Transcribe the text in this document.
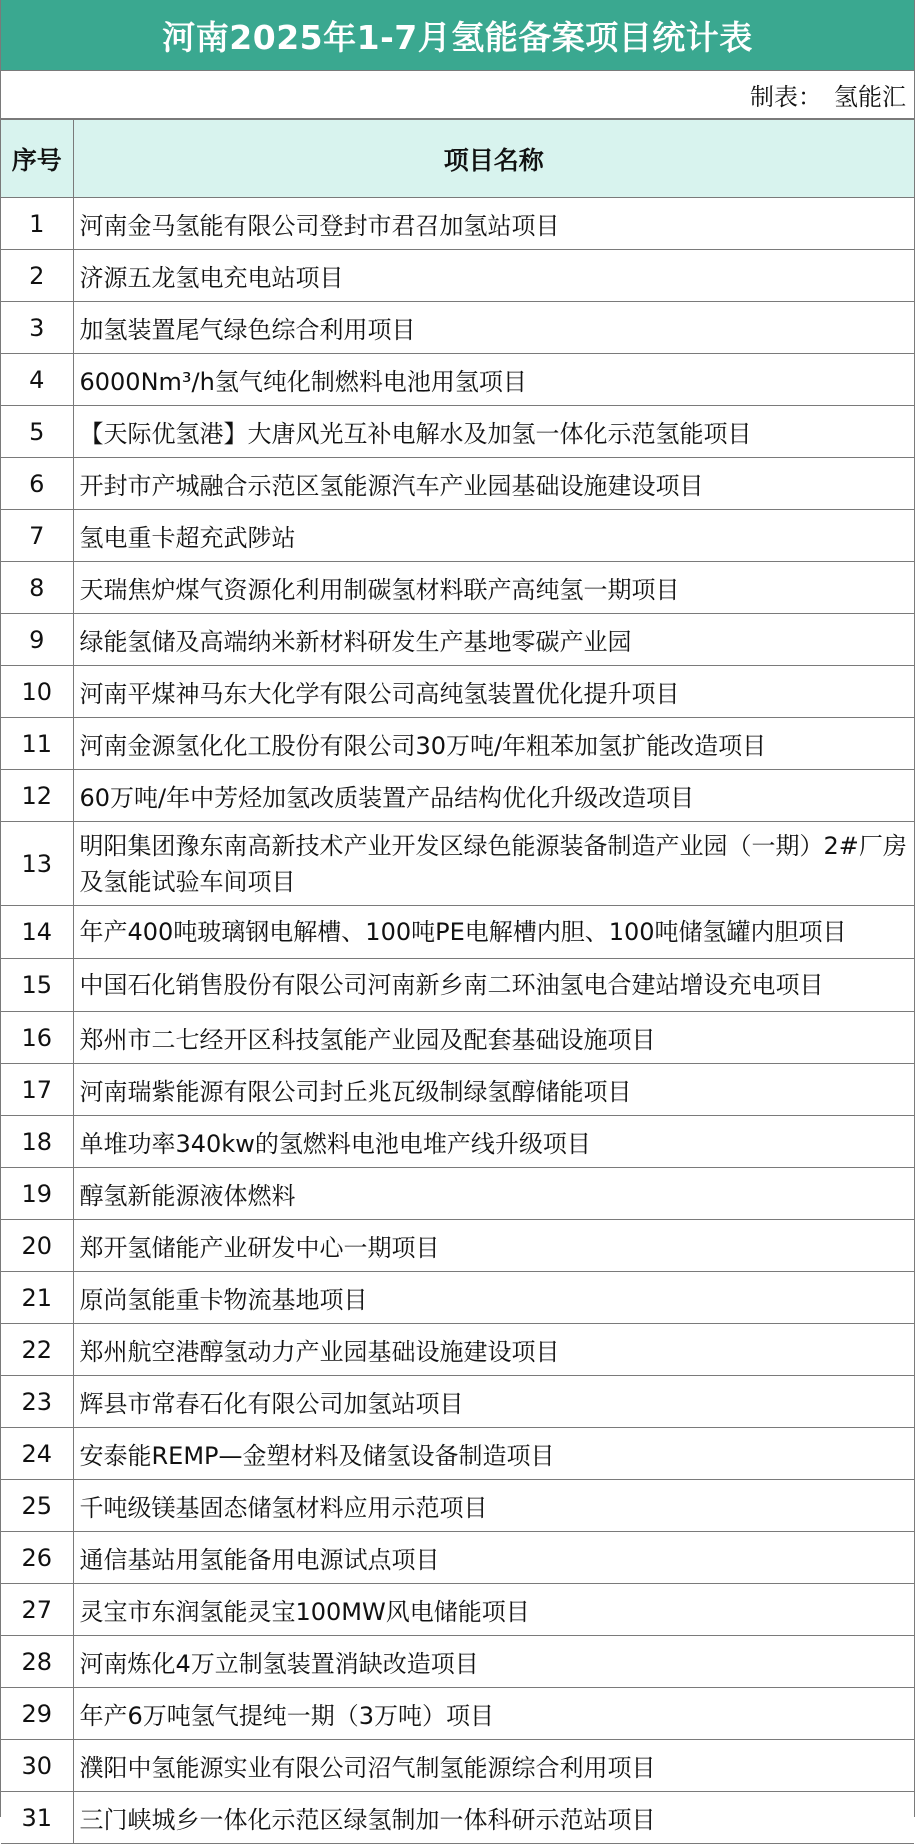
河南2025年1-7月氢能备案项目统计表
制表： 氢能汇
序号	项目名称
1	河南金马氢能有限公司登封市君召加氢站项目
2	济源五龙氢电充电站项目
3	加氢装置尾气绿色综合利用项目
4	6000Nm³/h氢气纯化制燃料电池用氢项目
5	【天际优氢港】大唐风光互补电解水及加氢一体化示范氢能项目
6	开封市产城融合示范区氢能源汽车产业园基础设施建设项目
7	氢电重卡超充武陟站
8	天瑞焦炉煤气资源化利用制碳氢材料联产高纯氢一期项目
9	绿能氢储及高端纳米新材料研发生产基地零碳产业园
10	河南平煤神马东大化学有限公司高纯氢装置优化提升项目
11	河南金源氢化化工股份有限公司30万吨/年粗苯加氢扩能改造项目
12	60万吨/年中芳烃加氢改质装置产品结构优化升级改造项目
13	明阳集团豫东南高新技术产业开发区绿色能源装备制造产业园（一期）2#厂房及氢能试验车间项目
14	年产400吨玻璃钢电解槽、100吨PE电解槽内胆、100吨储氢罐内胆项目

15	中国石化销售股份有限公司河南新乡南二环油氢电合建站增设充电项目

16	郑州市二七经开区科技氢能产业园及配套基础设施项目
17	河南瑞紫能源有限公司封丘兆瓦级制绿氢醇储能项目
18	单堆功率340kw的氢燃料电池电堆产线升级项目
19	醇氢新能源液体燃料
20	郑开氢储能产业研发中心一期项目
21	原尚氢能重卡物流基地项目
22	郑州航空港醇氢动力产业园基础设施建设项目
23	辉县市常春石化有限公司加氢站项目
24	安泰能REMP—金塑材料及储氢设备制造项目
25	千吨级镁基固态储氢材料应用示范项目
26	通信基站用氢能备用电源试点项目
27	灵宝市东润氢能灵宝100MW风电储能项目
28	河南炼化4万立制氢装置消缺改造项目
29	年产6万吨氢气提纯一期（3万吨）项目
30	濮阳中氢能源实业有限公司沼气制氢能源综合利用项目
31	三门峡城乡一体化示范区绿氢制加一体科研示范站项目
